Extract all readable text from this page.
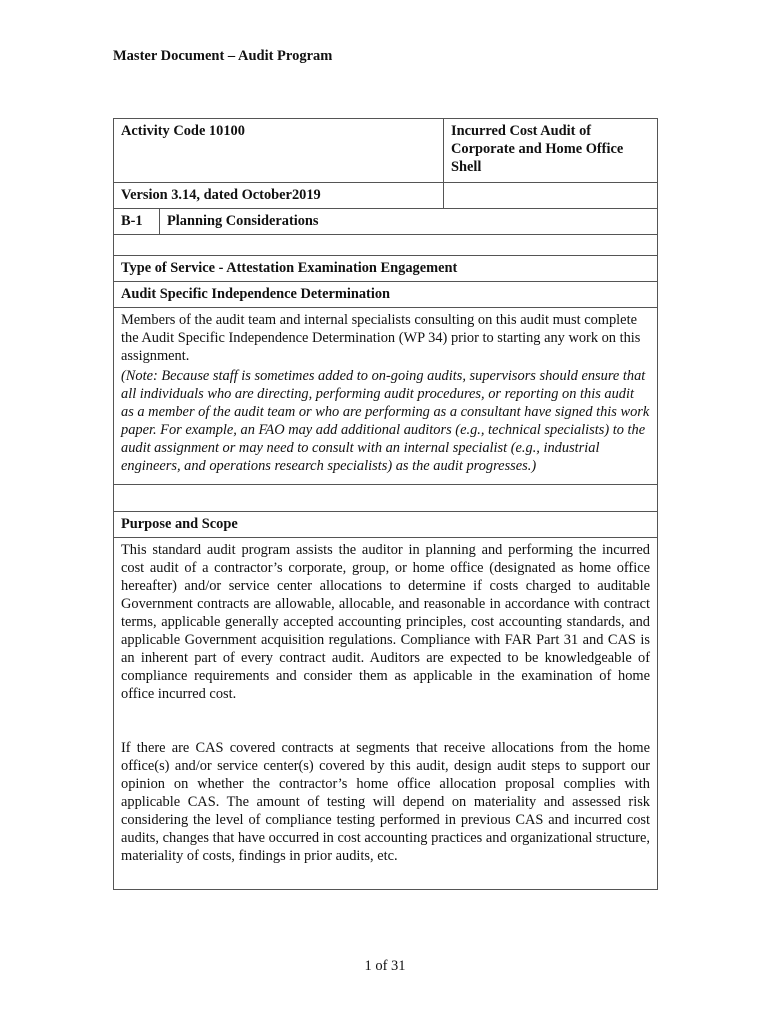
Master Document – Audit Program
Activity Code 10100		Incurred Cost Audit of Corporate and Home Office Shell
Version 3.14, dated October2019		
B-1	Planning Considerations	

Type of Service - Attestation Examination Engagement		
Audit Specific Independence Determination		

Members of the audit team and internal specialists consulting on this audit must complete the Audit Specific Independence Determination (WP 34) prior to starting any work on this assignment.

(Note: Because staff is sometimes added to on-going audits, supervisors should ensure that all individuals who are directing, performing audit procedures, or reporting on this audit as a member of the audit team or who are performing as a consultant have signed this work paper. For example, an FAO may add additional auditors (e.g., technical specialists) to the audit assignment or may need to consult with an internal specialist (e.g., industrial engineers, and operations research specialists) as the audit progresses.)		

Purpose and Scope		

This standard audit program assists the auditor in planning and performing the incurred cost audit of a contractor’s corporate, group, or home office (designated as home office hereafter) and/or service center allocations to determine if costs charged to auditable Government contracts are allowable, allocable, and reasonable in accordance with contract terms, applicable generally accepted accounting principles, cost accounting standards, and applicable Government acquisition regulations. Compliance with FAR Part 31 and CAS is an inherent part of every contract audit. Auditors are expected to be knowledgeable of compliance requirements and consider them as applicable in the examination of home office incurred cost.

If there are CAS covered contracts at segments that receive allocations from the home office(s) and/or service center(s) covered by this audit, design audit steps to support our opinion on whether the contractor’s home office allocation proposal complies with applicable CAS. The amount of testing will depend on materiality and assessed risk considering the level of compliance testing performed in previous CAS and incurred cost audits, changes that have occurred in cost accounting practices and organizational structure, materiality of costs, findings in prior audits, etc.		

1 of 31
